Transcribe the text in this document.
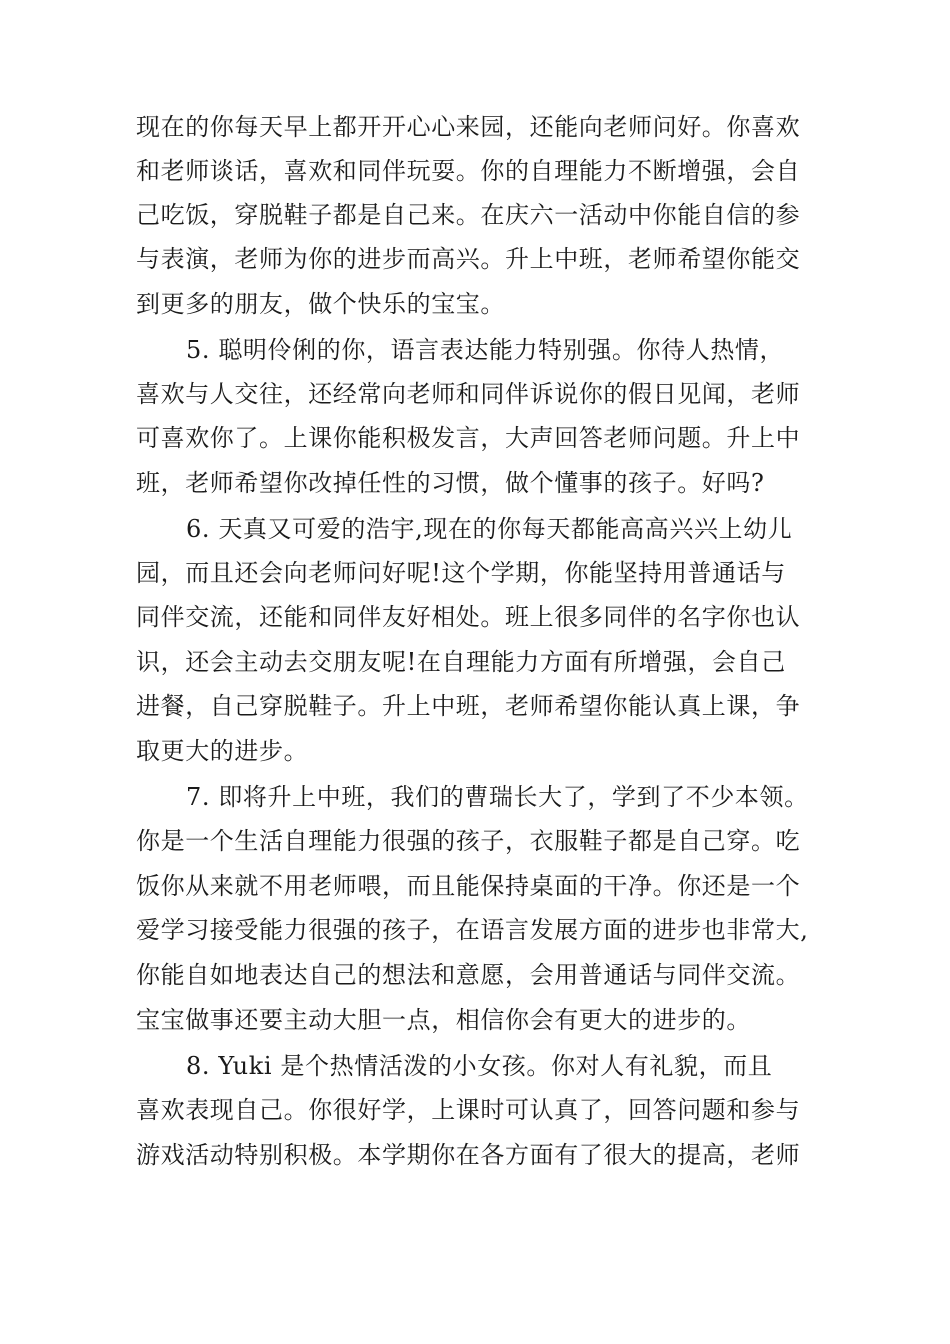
现在的你每天早上都开开心心来园，还能向老师问好。你喜欢
和老师谈话，喜欢和同伴玩耍。你的自理能力不断增强，会自
己吃饭，穿脱鞋子都是自己来。在庆六一活动中你能自信的参
与表演，老师为你的进步而高兴。升上中班，老师希望你能交
到更多的朋友，做个快乐的宝宝。
5. 聪明伶俐的你，语言表达能力特别强。你待人热情，
喜欢与人交往，还经常向老师和同伴诉说你的假日见闻，老师
可喜欢你了。上课你能积极发言，大声回答老师问题。升上中
班，老师希望你改掉任性的习惯，做个懂事的孩子。好吗?
6. 天真又可爱的浩宇,现在的你每天都能高高兴兴上幼儿
园，而且还会向老师问好呢!这个学期，你能坚持用普通话与
同伴交流，还能和同伴友好相处。班上很多同伴的名字你也认
识，还会主动去交朋友呢!在自理能力方面有所增强，会自己
进餐，自己穿脱鞋子。升上中班，老师希望你能认真上课，争
取更大的进步。
7. 即将升上中班，我们的曹瑞长大了，学到了不少本领。
你是一个生活自理能力很强的孩子，衣服鞋子都是自己穿。吃
饭你从来就不用老师喂，而且能保持桌面的干净。你还是一个
爱学习接受能力很强的孩子，在语言发展方面的进步也非常大,
你能自如地表达自己的想法和意愿，会用普通话与同伴交流。
宝宝做事还要主动大胆一点，相信你会有更大的进步的。
8. Yuki 是个热情活泼的小女孩。你对人有礼貌，而且
喜欢表现自己。你很好学，上课时可认真了，回答问题和参与
游戏活动特别积极。本学期你在各方面有了很大的提高，老师
